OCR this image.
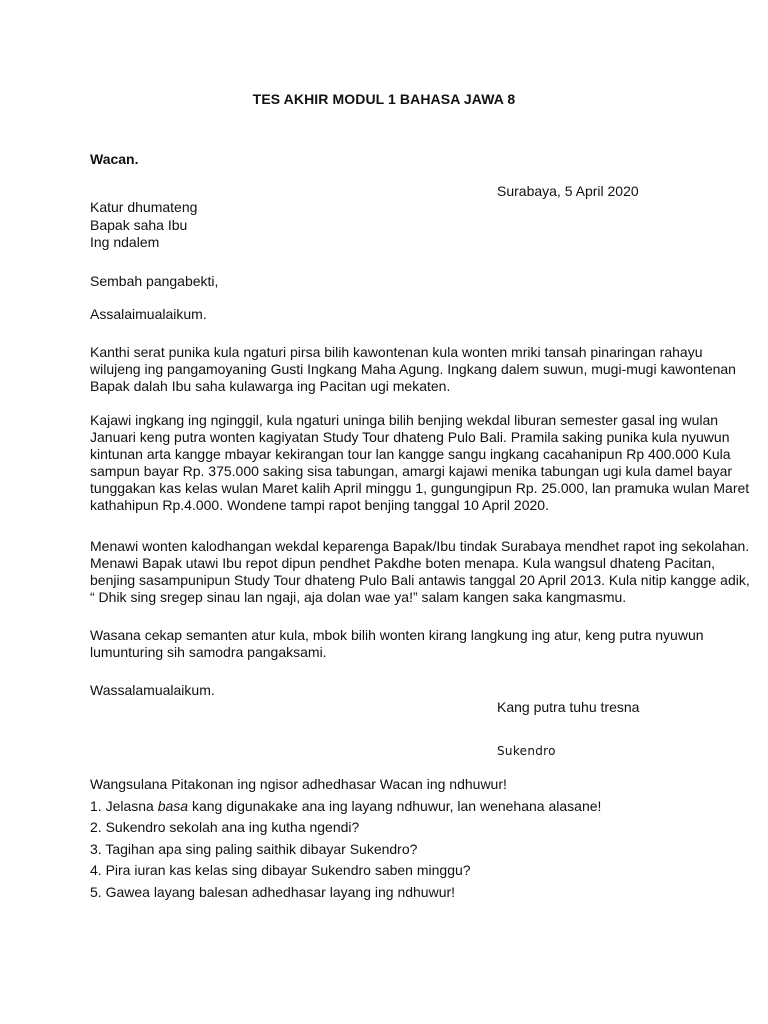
TES AKHIR MODUL 1 BAHASA JAWA 8
Wacan.
Surabaya, 5 April 2020
Katur dhumateng
Bapak saha Ibu
Ing ndalem
Sembah pangabekti,
Assalaimualaikum.
Kanthi serat punika kula ngaturi pirsa bilih kawontenan kula wonten mriki tansah pinaringan rahayu
wilujeng ing pangamoyaning Gusti Ingkang Maha Agung. Ingkang dalem suwun, mugi-mugi kawontenan
Bapak dalah Ibu saha kulawarga ing Pacitan ugi mekaten.
Kajawi ingkang ing nginggil, kula ngaturi uninga bilih benjing wekdal liburan semester gasal ing wulan
Januari keng putra wonten kagiyatan Study Tour dhateng Pulo Bali. Pramila saking punika kula nyuwun
kintunan arta kangge mbayar kekirangan tour lan kangge sangu ingkang cacahanipun Rp 400.000 Kula
sampun bayar Rp. 375.000 saking sisa tabungan, amargi kajawi menika tabungan ugi kula damel bayar
tunggakan kas kelas wulan Maret kalih April minggu 1, gungungipun Rp. 25.000, lan pramuka wulan Maret
kathahipun Rp.4.000. Wondene tampi rapot benjing tanggal 10 April 2020.
Menawi wonten kalodhangan wekdal keparenga Bapak/Ibu tindak Surabaya mendhet rapot ing sekolahan.
Menawi Bapak utawi Ibu repot dipun pendhet Pakdhe boten menapa. Kula wangsul dhateng Pacitan,
benjing sasampunipun Study Tour dhateng Pulo Bali antawis tanggal 20 April 2013. Kula nitip kangge adik,
“ Dhik sing sregep sinau lan ngaji, aja dolan wae ya!” salam kangen saka kangmasmu.
Wasana cekap semanten atur kula, mbok bilih wonten kirang langkung ing atur, keng putra nyuwun
lumunturing sih samodra pangaksami.
Wassalamualaikum.
Kang putra tuhu tresna
Sukendro
Wangsulana Pitakonan ing ngisor adhedhasar Wacan ing ndhuwur!
1. Jelasna basa kang digunakake ana ing layang ndhuwur, lan wenehana alasane!
2. Sukendro sekolah ana ing kutha ngendi?
3. Tagihan apa sing paling saithik dibayar Sukendro?
4. Pira iuran kas kelas sing dibayar Sukendro saben minggu?
5. Gawea layang balesan adhedhasar layang ing ndhuwur!
